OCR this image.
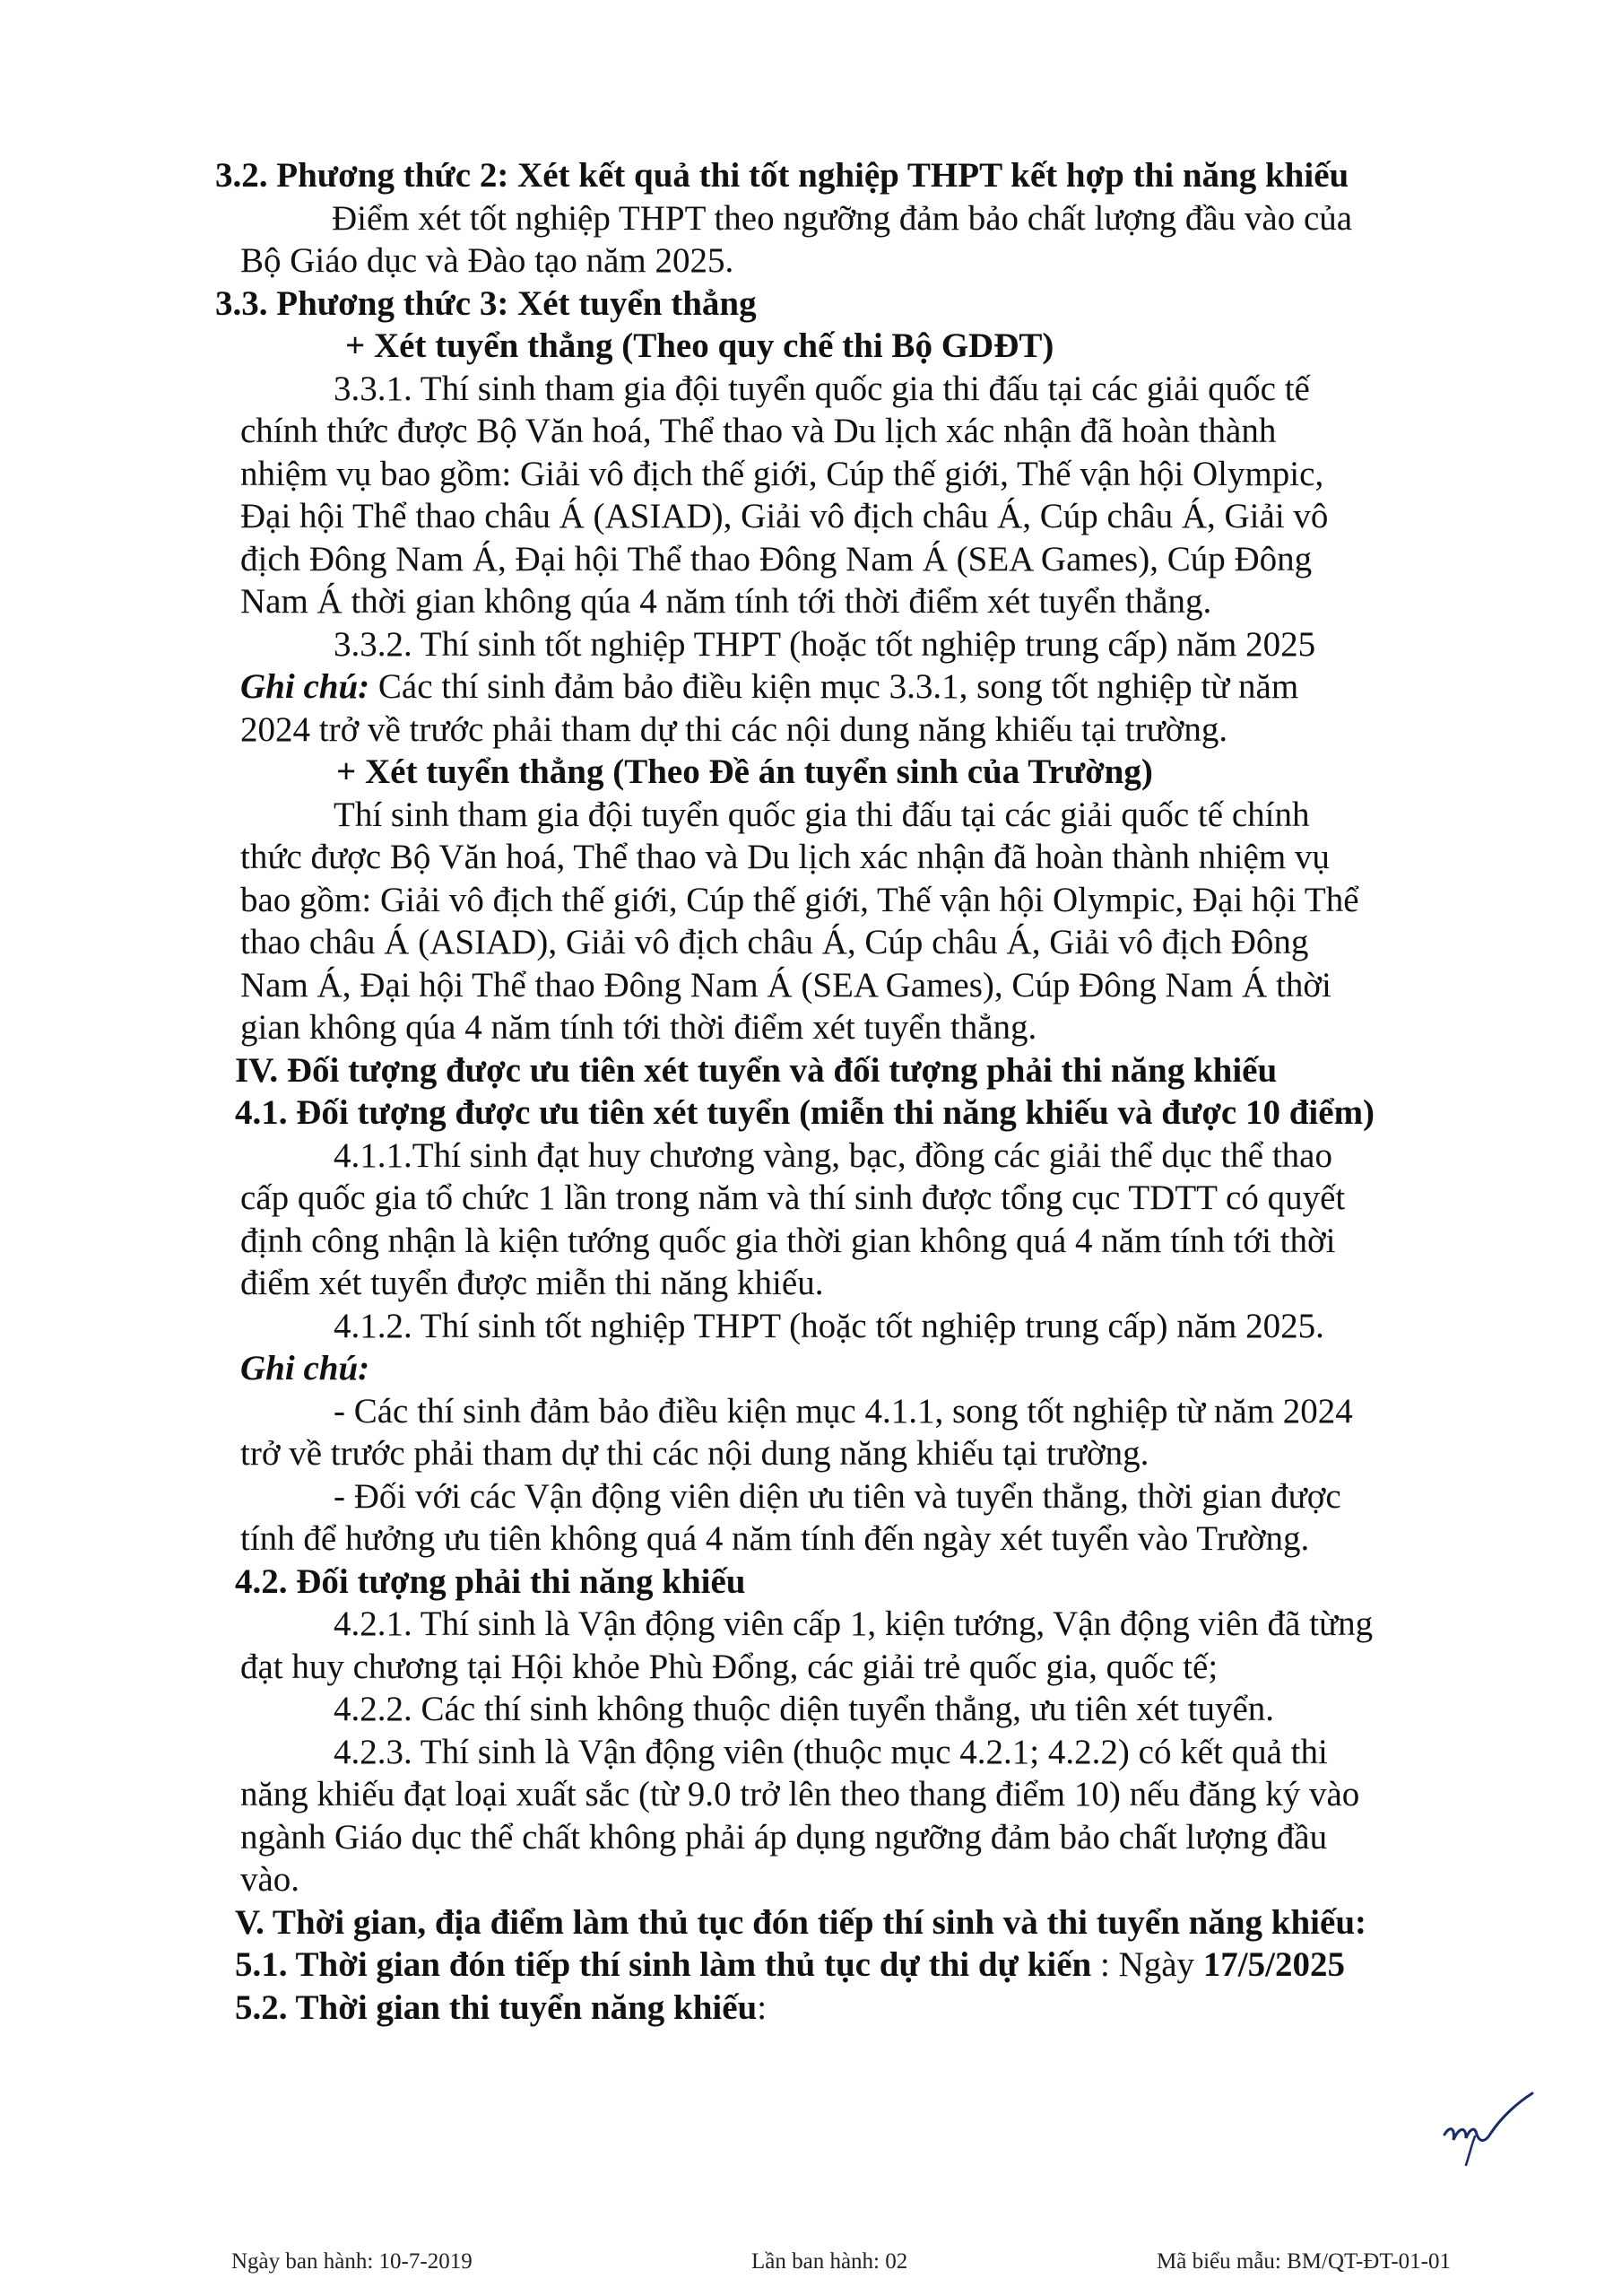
3.2. Phương thức 2: Xét kết quả thi tốt nghiệp THPT kết hợp thi năng khiếu
Điểm xét tốt nghiệp THPT theo ngưỡng đảm bảo chất lượng đầu vào của
Bộ Giáo dục và Đào tạo năm 2025.
3.3. Phương thức 3: Xét tuyển thẳng
+ Xét tuyển thẳng (Theo quy chế thi Bộ GDĐT)
3.3.1. Thí sinh tham gia đội tuyển quốc gia thi đấu tại các giải quốc tế
chính thức được Bộ Văn hoá, Thể thao và Du lịch xác nhận đã hoàn thành
nhiệm vụ bao gồm: Giải vô địch thế giới, Cúp thế giới, Thế vận hội Olympic,
Đại hội Thể thao châu Á (ASIAD), Giải vô địch châu Á, Cúp châu Á, Giải vô
địch Đông Nam Á, Đại hội Thể thao Đông Nam Á (SEA Games), Cúp Đông
Nam Á thời gian không qúa 4 năm tính tới thời điểm xét tuyển thẳng.
3.3.2. Thí sinh tốt nghiệp THPT (hoặc tốt nghiệp trung cấp) năm 2025
Ghi chú: Các thí sinh đảm bảo điều kiện mục 3.3.1, song tốt nghiệp từ năm
2024 trở về trước phải tham dự thi các nội dung năng khiếu tại trường.
+ Xét tuyển thẳng (Theo Đề án tuyển sinh của Trường)
Thí sinh tham gia đội tuyển quốc gia thi đấu tại các giải quốc tế chính
thức được Bộ Văn hoá, Thể thao và Du lịch xác nhận đã hoàn thành nhiệm vụ
bao gồm: Giải vô địch thế giới, Cúp thế giới, Thế vận hội Olympic, Đại hội Thể
thao châu Á (ASIAD), Giải vô địch châu Á, Cúp châu Á, Giải vô địch Đông
Nam Á, Đại hội Thể thao Đông Nam Á (SEA Games), Cúp Đông Nam Á thời
gian không qúa 4 năm tính tới thời điểm xét tuyển thẳng.
IV. Đối tượng được ưu tiên xét tuyển và đối tượng phải thi năng khiếu
4.1. Đối tượng được ưu tiên xét tuyển (miễn thi năng khiếu và được 10 điểm)
4.1.1.Thí sinh đạt huy chương vàng, bạc, đồng các giải thể dục thể thao
cấp quốc gia tổ chức 1 lần trong năm và thí sinh được tổng cục TDTT có quyết
định công nhận là kiện tướng quốc gia thời gian không quá 4 năm tính tới thời
điểm xét tuyển được miễn thi năng khiếu.
4.1.2. Thí sinh tốt nghiệp THPT (hoặc tốt nghiệp trung cấp) năm 2025.
Ghi chú:
- Các thí sinh đảm bảo điều kiện mục 4.1.1, song tốt nghiệp từ năm 2024
trở về trước phải tham dự thi các nội dung năng khiếu tại trường.
- Đối với các Vận động viên diện ưu tiên và tuyển thẳng, thời gian được
tính để hưởng ưu tiên không quá 4 năm tính đến ngày xét tuyển vào Trường.
4.2. Đối tượng phải thi năng khiếu
4.2.1. Thí sinh là Vận động viên cấp 1, kiện tướng, Vận động viên đã từng
đạt huy chương tại Hội khỏe Phù Đổng, các giải trẻ quốc gia, quốc tế;
4.2.2. Các thí sinh không thuộc diện tuyển thẳng, ưu tiên xét tuyển.
4.2.3. Thí sinh là Vận động viên (thuộc mục 4.2.1; 4.2.2) có kết quả thi
năng khiếu đạt loại xuất sắc (từ 9.0 trở lên theo thang điểm 10) nếu đăng ký vào
ngành Giáo dục thể chất không phải áp dụng ngưỡng đảm bảo chất lượng đầu
vào.
V. Thời gian, địa điểm làm thủ tục đón tiếp thí sinh và thi tuyển năng khiếu:
5.1. Thời gian đón tiếp thí sinh làm thủ tục dự thi dự kiến : Ngày 17/5/2025
5.2. Thời gian thi tuyển năng khiếu:
Ngày ban hành: 10-7-2019	Lần ban hành: 02	Mã biểu mẫu: BM/QT-ĐT-01-01
